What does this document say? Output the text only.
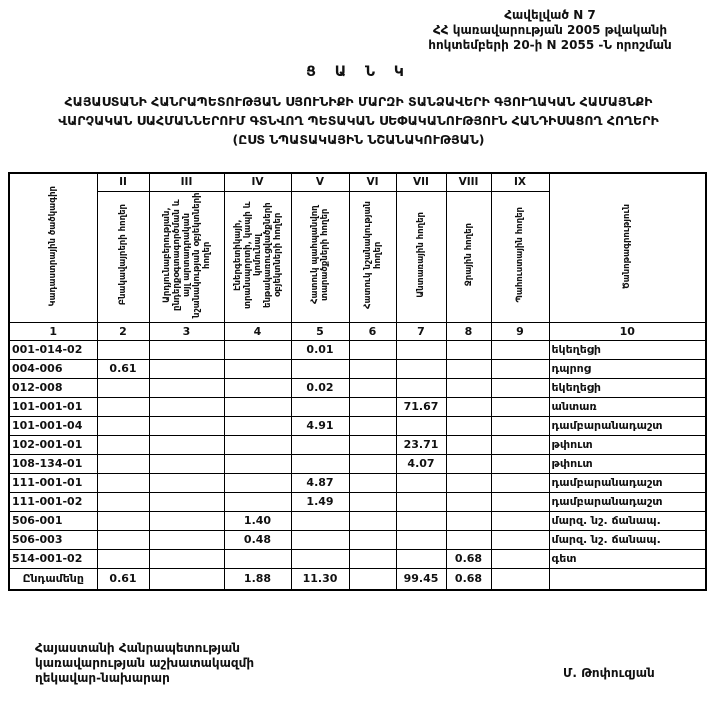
Հավելված N 7
ՀՀ կառավարության 2005 թվականի
հոկտեմբերի 20-ի N 2055 -Ն որոշման
Ց Ա Ն Կ
ՀԱՅԱՍՏԱՆԻ ՀԱՆՐԱՊԵՏՈՒԹՅԱՆ ՍՅՈՒՆԻՔԻ ՄԱՐԶԻ ՏԱՆՁԱՎԵՐԻ ԳՅՈՒՂԱԿԱՆ ՀԱՄԱՅՆՔԻ
ՎԱՐՉԱԿԱՆ ՍԱՀՄԱՆՆԵՐՈՒՄ ԳՏՆՎՈՂ ՊԵՏԱԿԱՆ ՍԵՓԱԿԱՆՈՒԹՅՈՒՆ ՀԱՆԴԻՍԱՑՈՂ ՀՈՂԵՐԻ
(ԸՍՏ ՆՊԱՏԱԿԱՅԻՆ ՆՇԱՆԱԿՈՒԹՅԱՆ)
Կադաստրային ծածկագիր	II	III	IV	V	VI	VII	VIII	IX	Ծանոթագրություն
	Բնակավայրերի հողեր	Արդյունաբերության, ընդերքօգտագործման և այլ արտադրական նշանակության օբյեկտների հողեր	Էներգետիկայի, տրանսպորտի, կապի և կոմունալ ենթակառուցվածքների օբյեկտների հողեր	Հատուկ պահպանվող տարածքների հողեր	Հատուկ նշանակության հողեր	Անտառային հողեր	Ջրային հողեր	Պահուստային հողեր	
1	2	3	4	5	6	7	8	9	10
001-014-02				0.01					եկեղեցի
004-006	0.61								դպրոց
012-008				0.02					եկեղեցի
101-001-01						71.67			անտառ
101-001-04				4.91					դամբարանադաշտ
102-001-01						23.71			թփուտ
108-134-01						4.07			թփուտ
111-001-01				4.87					դամբարանադաշտ
111-001-02				1.49					դամբարանադաշտ
506-001			1.40						մարզ. նշ. ճանապ.
506-003			0.48						մարզ. նշ. ճանապ.
514-001-02							0.68		գետ
Ընդամենը	0.61		1.88	11.30		99.45	0.68		
Հայաստանի Հանրապետության
կառավարության աշխատակազմի
ղեկավար-նախարար	Մ. Թոփուզյան
